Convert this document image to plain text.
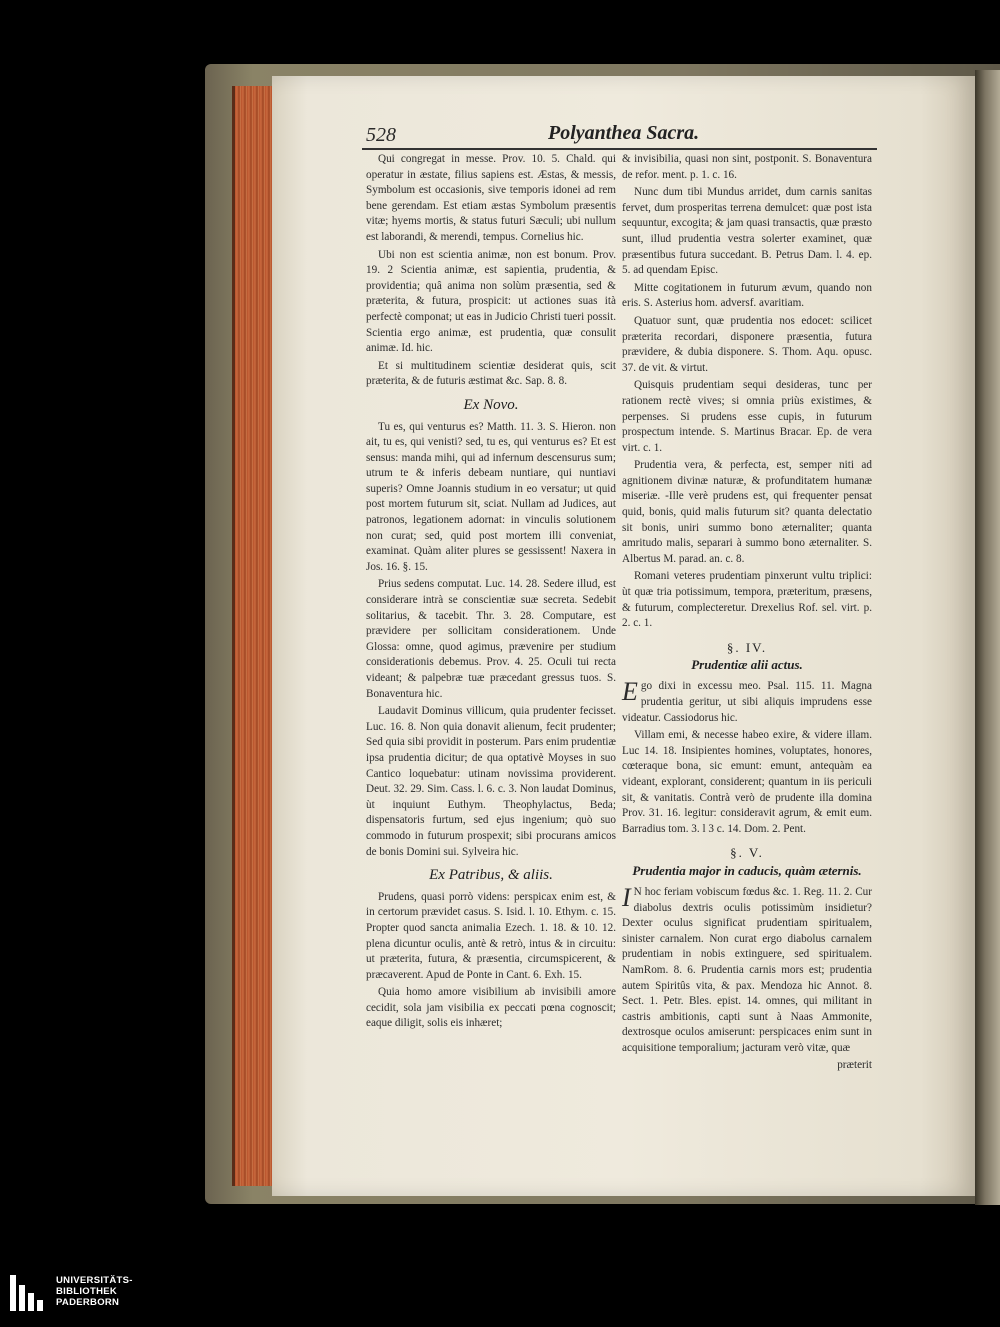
528	Polyanthea Sacra.

Qui congregat in messe. Prov. 10. 5. Chald. qui operatur in æstate, filius sapiens est. Æstas, & messis, Symbolum est occasionis, sive temporis idonei ad rem bene gerendam. Est etiam æstas Symbolum præsentis vitæ; hyems mortis, & status futuri Sæculi; ubi nullum est laborandi, & merendi, tempus. Cornelius hic.

Ubi non est scientia animæ, non est bonum. Prov. 19. 2 Scientia animæ, est sapientia, prudentia, & providentia; quâ anima non solùm præsentia, sed & præterita, & futura, prospicit: ut actiones suas ità perfectè componat; ut eas in Judicio Christi tueri possit. Scientia ergo animæ, est prudentia, quæ consulit animæ. Id. hic.

Et si multitudinem scientiæ desiderat quis, scit præterita, & de futuris æstimat &c. Sap. 8. 8.

Ex Novo.

Tu es, qui venturus es? Matth. 11. 3. S. Hieron. non ait, tu es, qui venisti? sed, tu es, qui venturus es? Et est sensus: manda mihi, qui ad infernum descensurus sum; utrum te & inferis debeam nuntiare, qui nuntiavi superis? Omne Joannis studium in eo versatur; ut quid post mortem futurum sit, sciat. Nullam ad Judices, aut patronos, legationem adornat: in vinculis solutionem non curat; sed, quid post mortem illi conveniat, examinat. Quàm aliter plures se gessissent! Naxera in Jos. 16. §. 15.

Prius sedens computat. Luc. 14. 28. Sedere illud, est considerare intrà se conscientiæ suæ secreta. Sedebit solitarius, & tacebit. Thr. 3. 28. Computare, est prævidere per sollicitam considerationem. Unde Glossa: omne, quod agimus, prævenire per studium considerationis debemus. Prov. 4. 25. Oculi tui recta videant; & palpebræ tuæ præcedant gressus tuos. S. Bonaventura hic.

Laudavit Dominus villicum, quia prudenter fecisset. Luc. 16. 8. Non quia donavit alienum, fecit prudenter; Sed quia sibi providit in posterum. Pars enim prudentiæ ipsa prudentia dicitur; de qua optativè Moyses in suo Cantico loquebatur: utinam novissima providerent. Deut. 32. 29. Sim. Cass. l. 6. c. 3. Non laudat Dominus, ùt inquiunt Euthym. Theophylactus, Beda; dispensatoris furtum, sed ejus ingenium; quò suo commodo in futurum prospexit; sibi procurans amicos de bonis Domini sui. Sylveira hic.

Ex Patribus, & aliis.

Prudens, quasi porrò videns: perspicax enim est, & in certorum prævidet casus. S. Isid. l. 10. Ethym. c. 15. Propter quod sancta animalia Ezech. 1. 18. & 10. 12. plena dicuntur oculis, antè & retrò, intus & in circuitu: ut præterita, futura, & præsentia, circumspicerent, & præcaverent. Apud de Ponte in Cant. 6. Exh. 15.

Quia homo amore visibilium ab invisibili amore cecidit, sola jam visibilia ex peccati pœna cognoscit; eaque diligit, solis eis inhæret;

& invisibilia, quasi non sint, postponit. S. Bonaventura de refor. ment. p. 1. c. 16.

Nunc dum tibi Mundus arridet, dum carnis sanitas fervet, dum prosperitas terrena demulcet: quæ post ista sequuntur, excogita; & jam quasi transactis, quæ præsto sunt, illud prudentia vestra solerter examinet, quæ præsentibus futura succedant. B. Petrus Dam. l. 4. ep. 5. ad quendam Episc.

Mitte cogitationem in futurum ævum, quando non eris. S. Asterius hom. adversf. avaritiam.

Quatuor sunt, quæ prudentia nos edocet: scilicet præterita recordari, disponere præsentia, futura prævidere, & dubia disponere. S. Thom. Aqu. opusc. 37. de vit. & virtut.

Quisquis prudentiam sequi desideras, tunc per rationem rectè vives; si omnia priùs existimes, & perpenses. Si prudens esse cupis, in futurum prospectum intende. S. Martinus Bracar. Ep. de vera virt. c. 1.

Prudentia vera, & perfecta, est, semper niti ad agnitionem divinæ naturæ, & profunditatem humanæ miseriæ. -Ille verè prudens est, qui frequenter pensat quid, bonis, quid malis futurum sit? quanta delectatio sit bonis, uniri summo bono æternaliter; quanta amritudo malis, separari à summo bono æternaliter. S. Albertus M. parad. an. c. 8.

Romani veteres prudentiam pinxerunt vultu triplici: ùt quæ tria potissimum, tempora, præteritum, præsens, & futurum, complecteretur. Drexelius Rof. sel. virt. p. 2. c. 1.

§. IV.
Prudentiæ alii actus.

Ego dixi in excessu meo. Psal. 115. 11. Magna prudentia geritur, ut sibi aliquis imprudens esse videatur. Cassiodorus hic.

Villam emi, & necesse habeo exire, & videre illam. Luc 14. 18. Insipientes homines, voluptates, honores, cœteraque bona, sic emunt: emunt, antequàm ea videant, explorant, considerent; quantum in iis periculi sit, & vanitatis. Contrà verò de prudente illa domina Prov. 31. 16. legitur: consideravit agrum, & emit eum. Barradius tom. 3. l 3 c. 14. Dom. 2. Pent.

§. V.
Prudentia major in caducis, quàm æternis.

I N hoc feriam vobiscum fœdus &c. 1. Reg. 11. 2. Cur diabolus dextris oculis potissimùm insidietur? Dexter oculus significat prudentiam spiritualem, sinister carnalem. Non curat ergo diabolus carnalem prudentiam in nobis extinguere, sed spiritualem. NamRom. 8. 6. Prudentia carnis mors est; prudentia autem Spiritûs vita, & pax. Mendoza hic Annot. 8. Sect. 1. Petr. Bles. epist. 14. omnes, qui militant in castris ambitionis, capti sunt à Naas Ammonite, dextrosque oculos amiserunt: perspicaces enim sunt in acquisitione temporalium; jacturam verò vitæ, quæ

præterit
UNIVERSITÄTS-
BIBLIOTHEK
PADERBORN
